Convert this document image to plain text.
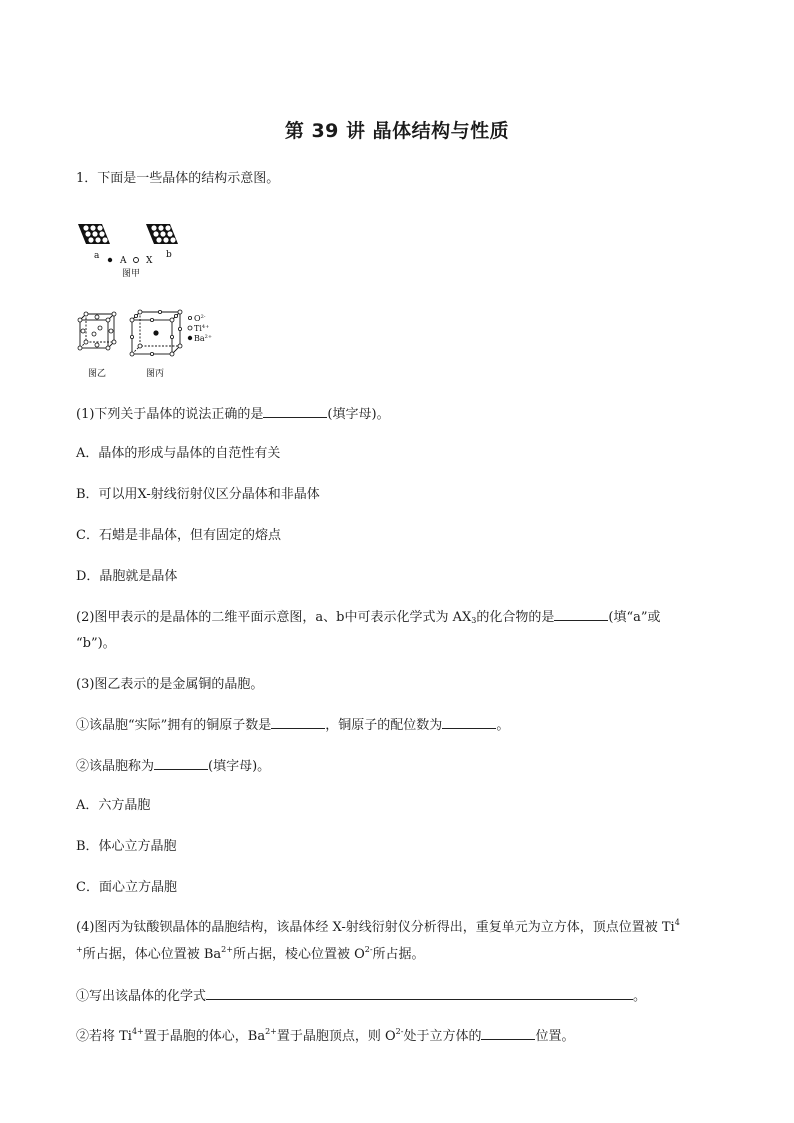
第 39 讲 晶体结构与性质
1．下面是一些晶体的结构示意图。
a	b
A X
图甲
图乙	图丙
$O^{2-}$
$Ti^{4+}$
$Ba^{2+}$
(1)下列关于晶体的说法正确的是	(填字母)。
A．晶体的形成与晶体的自范性有关
B．可以用X-射线衍射仪区分晶体和非晶体
C．石蜡是非晶体，但有固定的熔点
D．晶胞就是晶体
(2)图甲表示的是晶体的二维平面示意图，a、b中可表示化学式为 $AX_3$的化合物的是	(填“a”或
“b”)。
(3)图乙表示的是金属铜的晶胞。
①该晶胞“实际”拥有的铜原子数是	，铜原子的配位数为	。
②该晶胞称为	(填字母)。
A．六方晶胞
B．体心立方晶胞
C．面心立方晶胞
(4)图丙为钛酸钡晶体的晶胞结构，该晶体经 X-射线衍射仪分析得出，重复单元为立方体，顶点位置被 Ti$^4$
+所占据，体心位置被 $Ba^{2+}$所占据，棱心位置被 $O^{2-}$所占据。
①写出该晶体的化学式	。
②若将 $Ti^{4+}$置于晶胞的体心，$Ba^{2+}$置于晶胞顶点，则 $O^{2-}$处于立方体的	位置。
